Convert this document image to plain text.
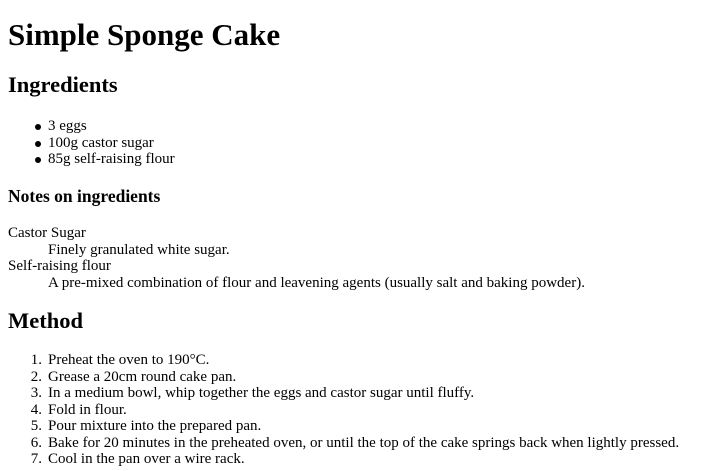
Simple Sponge Cake
Ingredients
3 eggs
100g castor sugar
85g self-raising flour
Notes on ingredients
Castor Sugar
Finely granulated white sugar.
Self-raising flour
A pre-mixed combination of flour and leavening agents (usually salt and baking powder).
Method
1. Preheat the oven to 190°C.
2. Grease a 20cm round cake pan.
3. In a medium bowl, whip together the eggs and castor sugar until fluffy.
4. Fold in flour.
5. Pour mixture into the prepared pan.
6. Bake for 20 minutes in the preheated oven, or until the top of the cake springs back when lightly pressed.
7. Cool in the pan over a wire rack.
